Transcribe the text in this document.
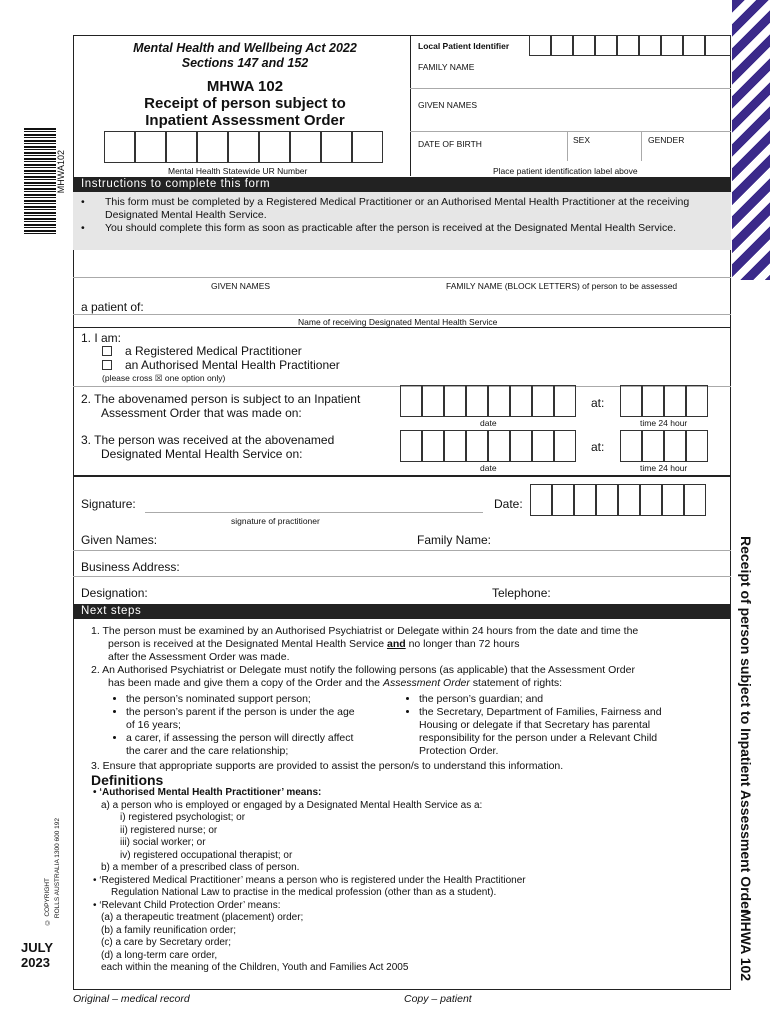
MHWA102
Mental Health and Wellbeing Act 2022
Sections 147 and 152
MHWA 102
Receipt of person subject to
Inpatient Assessment Order
Mental Health Statewide UR Number
Local Patient Identifier
FAMILY NAME
GIVEN NAMES
DATE OF BIRTH	SEX	GENDER
Place patient identification label above
Instructions to complete this form
• This form must be completed by a Registered Medical Practitioner or an Authorised Mental Health Practitioner at the receiving Designated Mental Health Service.
• You should complete this form as soon as practicable after the person is received at the Designated Mental Health Service.
GIVEN NAMES	FAMILY NAME (BLOCK LETTERS) of person to be assessed
a patient of:
Name of receiving Designated Mental Health Service
1. I am:
a Registered Medical Practitioner
an Authorised Mental Health Practitioner
(please cross ☒ one option only)
2. The abovenamed person is subject to an Inpatient
Assessment Order that was made on:
at:
date	time 24 hour
3. The person was received at the abovenamed
Designated Mental Health Service on:	at:
date	time 24 hour
Signature:
signature of practitioner
Date:
Given Names:	Family Name:
Business Address:
Designation:	Telephone:
Next steps
1. The person must be examined by an Authorised Psychiatrist or Delegate within 24 hours from the date and time the
person is received at the Designated Mental Health Service and no longer than 72 hours
after the Assessment Order was made.
2. An Authorised Psychiatrist or Delegate must notify the following persons (as applicable) that the Assessment Order
has been made and give them a copy of the Order and the Assessment Order statement of rights:
• the person’s nominated support person;
• the person’s parent if the person is under the age of 16 years;
• a carer, if assessing the person will directly affect the carer and the care relationship;
• the person’s guardian; and
• the Secretary, Department of Families, Fairness and Housing or delegate if that Secretary has parental responsibility for the person under a Relevant Child Protection Order.
3. Ensure that appropriate supports are provided to assist the person/s to understand this information.
Definitions
• ‘Authorised Mental Health Practitioner’ means:
a) a person who is employed or engaged by a Designated Mental Health Service as a:
i) registered psychologist; or
ii) registered nurse; or
iii) social worker; or
iv) registered occupational therapist; or
b) a member of a prescribed class of person.
• ‘Registered Medical Practitioner’ means a person who is registered under the Health Practitioner
Regulation National Law to practise in the medical profession (other than as a student).
• ‘Relevant Child Protection Order’ means:
(a) a therapeutic treatment (placement) order;
(b) a family reunification order;
(c) a care by Secretary order;
(d) a long-term care order,
each within the meaning of the Children, Youth and Families Act 2005
Original – medical record	Copy – patient
JULY
2023
© COPYRIGHT ROLLS AUSTRALIA 1300 600 192	Receipt of person subject to Inpatient Assessment Order
MHWA 102
